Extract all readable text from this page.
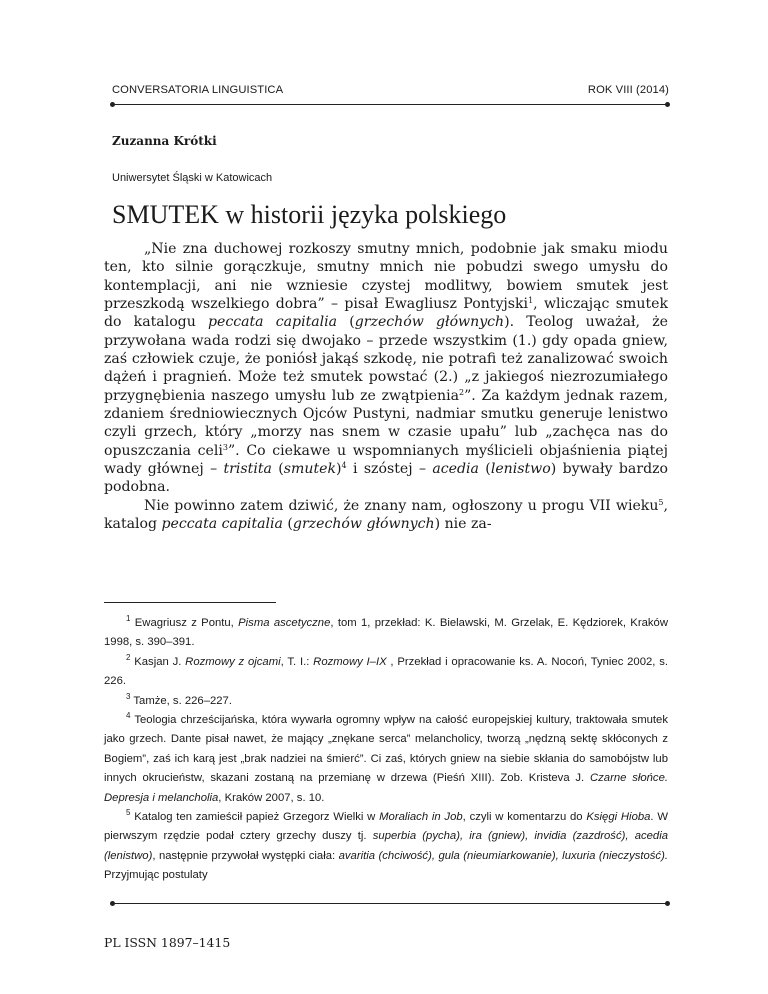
CONVERSATORIA LINGUISTICA	ROK VIII (2014)
Zuzanna Krótki
Uniwersytet Śląski w Katowicach
SMUTEK w historii języka polskiego

„Nie zna duchowej rozkoszy smutny mnich, podobnie jak smaku miodu ten, kto silnie gorączkuje, smutny mnich nie pobudzi swego umysłu do kontemplacji, ani nie wzniesie czystej modlitwy, bowiem smutek jest przeszkodą wszelkiego dobra” – pisał Ewagliusz Pontyjski$^1$, wliczając smutek do katalogu peccata capitalia (grzechów głównych). Teolog uważał, że przywołana wada rodzi się dwojako – przede wszystkim (1.) gdy opada gniew, zaś człowiek czuje, że poniósł jakąś szkodę, nie potrafi też zanalizować swoich dążeń i pragnień. Może też smutek powstać (2.) „z jakiegoś niezrozumiałego przygnębienia naszego umysłu lub ze zwątpienia$^2$”. Za każdym jednak razem, zdaniem średniowiecznych Ojców Pustyni, nadmiar smutku generuje lenistwo czyli grzech, który „morzy nas snem w czasie upału” lub „zachęca nas do opuszczania celi$^3$”. Co ciekawe u wspomnianych myślicieli objaśnienia piątej wady głównej – tristita (smutek)$^4$ i szóstej – acedia (lenistwo) bywały bardzo podobna.

Nie powinno zatem dziwić, że znany nam, ogłoszony u progu VII wieku$^5$, katalog peccata capitalia (grzechów głównych) nie za-

$^1$ Ewagriusz z Pontu, Pisma ascetyczne, tom 1, przekład: K. Bielawski, M. Grzelak, E. Kędziorek, Kraków 1998, s. 390–391.

$^2$ Kasjan J. Rozmowy z ojcami, T. I.: Rozmowy I–IX , Przekład i opracowanie ks. A. Nocoń, Tyniec 2002, s. 226.

$^3$ Tamże, s. 226–227.

$^4$ Teologia chrześcijańska, która wywarła ogromny wpływ na całość europejskiej kultury, traktowała smutek jako grzech. Dante pisał nawet, że mający „znękane serca” melancholicy, tworzą „nędzną sektę skłóconych z Bogiem”, zaś ich karą jest „brak nadziei na śmierć”. Ci zaś, których gniew na siebie skłania do samobójstw lub innych okrucieństw, skazani zostaną na przemianę w drzewa (Pieśń XIII). Zob. Kristeva J. Czarne słońce. Depresja i melancholia, Kraków 2007, s. 10.

$^5$ Katalog ten zamieścił papież Grzegorz Wielki w Moraliach in Job, czyli w komentarzu do Księgi Hioba. W pierwszym rzędzie podał cztery grzechy duszy tj. superbia (pycha), ira (gniew), invidia (zazdrość), acedia (lenistwo), następnie przywołał występki ciała: avaritia (chciwość), gula (nieumiarkowanie), luxuria (nieczystość). Przyjmując postulaty

PL ISSN 1897–1415
